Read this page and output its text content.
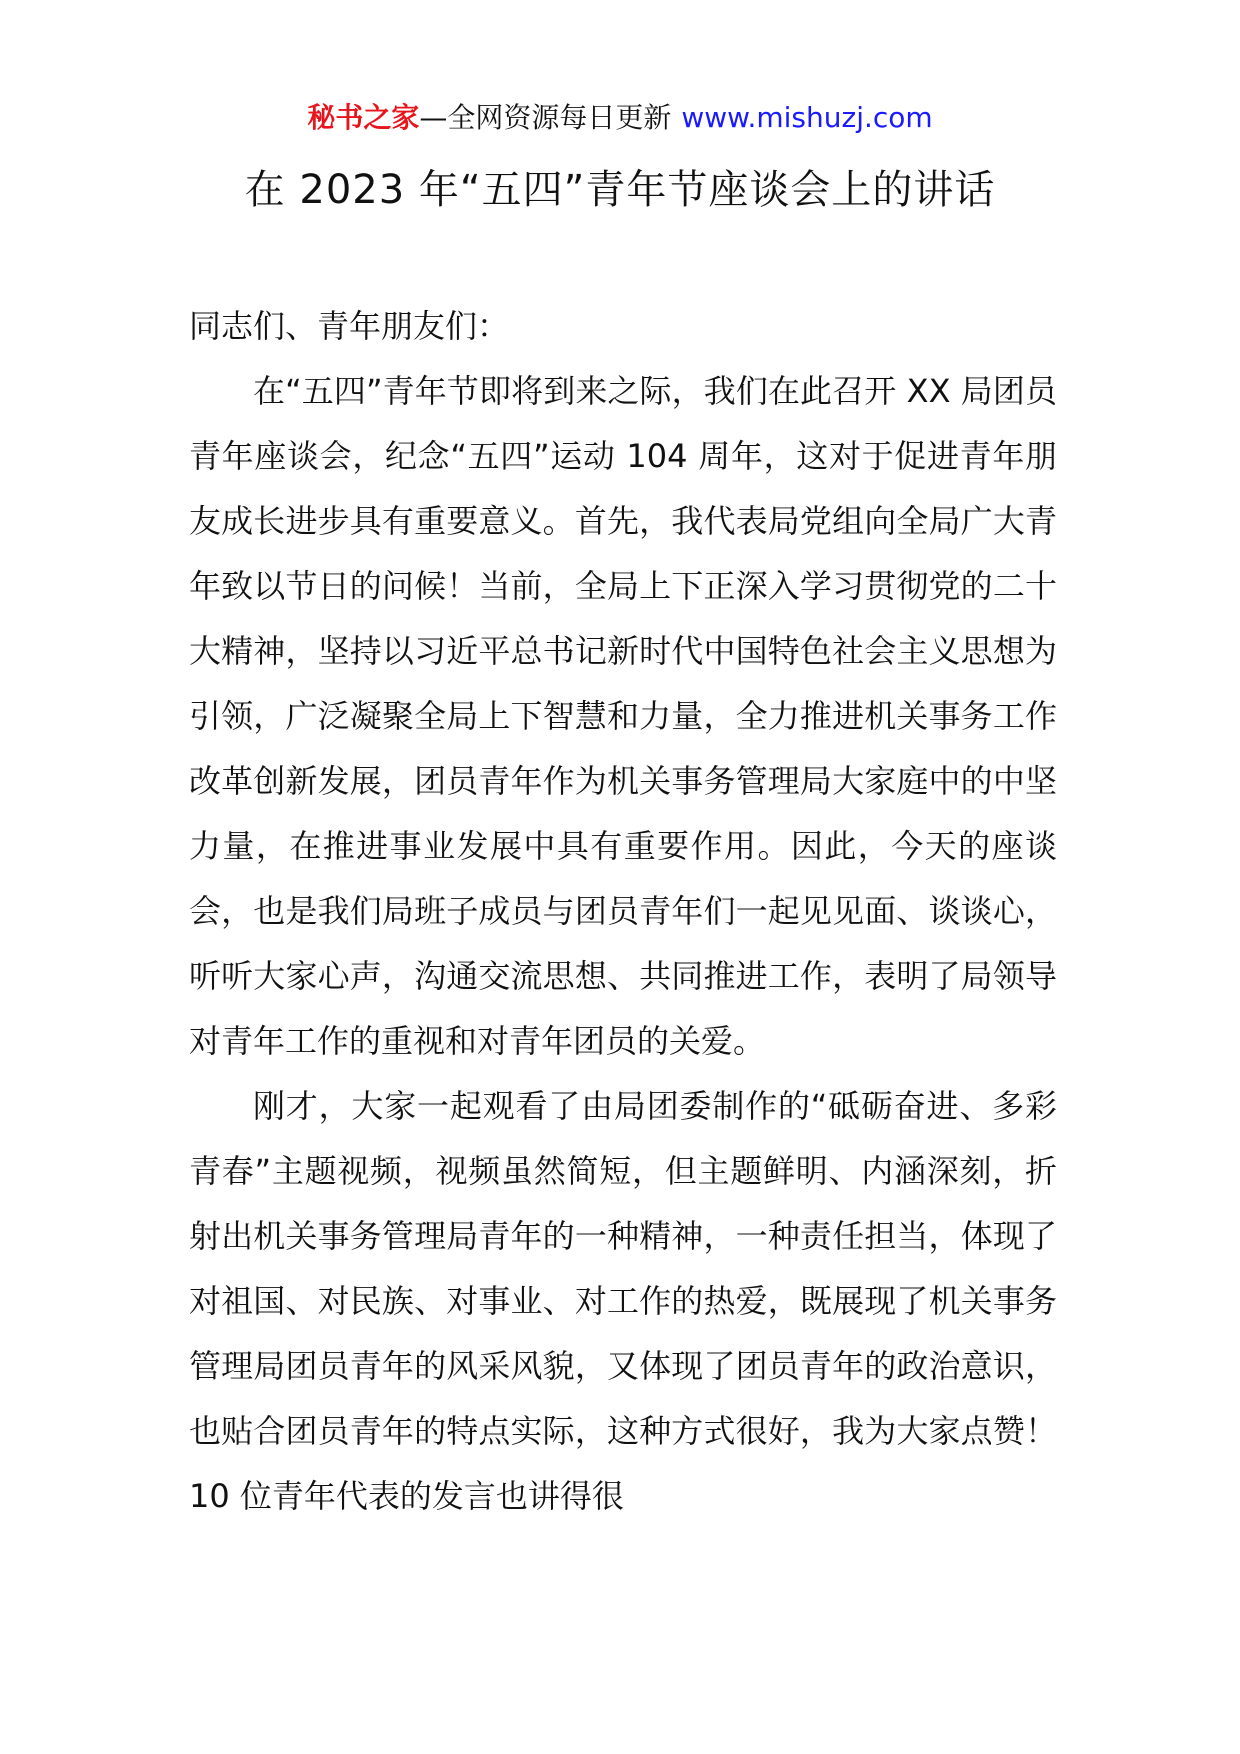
秘书之家—全网资源每日更新 www.mishuzj.com
在 2023 年“五四”青年节座谈会上的讲话

同志们、青年朋友们：

在“五四”青年节即将到来之际，我们在此召开 XX 局团员青年座谈会，纪念“五四”运动 104 周年，这对于促进青年朋友成长进步具有重要意义。首先，我代表局党组向全局广大青年致以节日的问候！当前，全局上下正深入学习贯彻党的二十大精神，坚持以习近平总书记新时代中国特色社会主义思想为引领，广泛凝聚全局上下智慧和力量，全力推进机关事务工作改革创新发展，团员青年作为机关事务管理局大家庭中的中坚力量，在推进事业发展中具有重要作用。因此，今天的座谈会，也是我们局班子成员与团员青年们一起见见面、谈谈心，听听大家心声，沟通交流思想、共同推进工作，表明了局领导对青年工作的重视和对青年团员的关爱。

刚才，大家一起观看了由局团委制作的“砥砺奋进、多彩青春”主题视频，视频虽然简短，但主题鲜明、内涵深刻，折射出机关事务管理局青年的一种精神，一种责任担当，体现了对祖国、对民族、对事业、对工作的热爱，既展现了机关事务管理局团员青年的风采风貌，又体现了团员青年的政治意识，也贴合团员青年的特点实际，这种方式很好，我为大家点赞！10 位青年代表的发言也讲得很
